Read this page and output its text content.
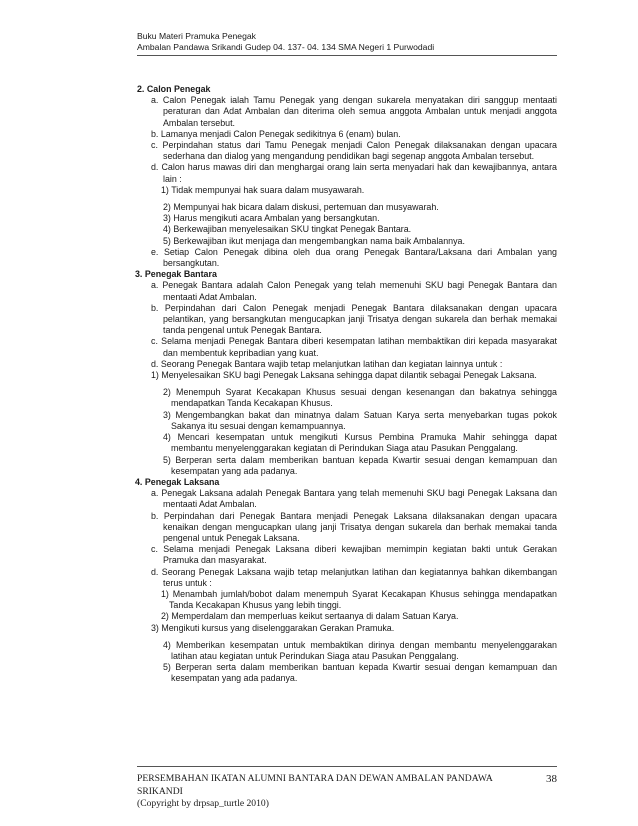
Buku Materi Pramuka Penegak
Ambalan Pandawa Srikandi Gudep 04. 137- 04. 134 SMA Negeri 1 Purwodadi

2. Calon Penegak

a. Calon Penegak ialah Tamu Penegak yang dengan sukarela menyatakan diri sanggup mentaati peraturan dan Adat Ambalan dan diterima oleh semua anggota Ambalan untuk menjadi anggota Ambalan tersebut.

b. Lamanya menjadi Calon Penegak sedikitnya 6 (enam) bulan.

c. Perpindahan status dari Tamu Penegak menjadi Calon Penegak dilaksanakan dengan upacara sederhana dan dialog yang mengandung pendidikan bagi segenap anggota Ambalan tersebut.

d. Calon harus mawas diri dan menghargai orang lain serta menyadari hak dan kewajibannya, antara lain :

1) Tidak mempunyai hak suara dalam musyawarah.

2) Mempunyai hak bicara dalam diskusi, pertemuan dan musyawarah.

3) Harus mengikuti acara Ambalan yang bersangkutan.

4) Berkewajiban menyelesaikan SKU tingkat Penegak Bantara.

5) Berkewajiban ikut menjaga dan mengembangkan nama baik Ambalannya.

e. Setiap Calon Penegak dibina oleh dua orang Penegak Bantara/Laksana dari Ambalan yang bersangkutan.

3. Penegak Bantara

a. Penegak Bantara adalah Calon Penegak yang telah memenuhi SKU bagi Penegak Bantara dan mentaati Adat Ambalan.

b. Perpindahan dari Calon Penegak menjadi Penegak Bantara dilaksanakan dengan upacara pelantikan, yang bersangkutan mengucapkan janji Trisatya dengan sukarela dan berhak memakai tanda pengenal untuk Penegak Bantara.

c. Selama menjadi Penegak Bantara diberi kesempatan latihan membaktikan diri kepada masyarakat dan membentuk kepribadian yang kuat.

d. Seorang Penegak Bantara wajib tetap melanjutkan latihan dan kegiatan lainnya untuk :

1) Menyelesaikan SKU bagi Penegak Laksana sehingga dapat dilantik sebagai Penegak Laksana.

2) Menempuh Syarat Kecakapan Khusus sesuai dengan kesenangan dan bakatnya sehingga mendapatkan Tanda Kecakapan Khusus.

3) Mengembangkan bakat dan minatnya dalam Satuan Karya serta menyebarkan tugas pokok Sakanya itu sesuai dengan kemampuannya.

4) Mencari kesempatan untuk mengikuti Kursus Pembina Pramuka Mahir sehingga dapat membantu menyelenggarakan kegiatan di Perindukan Siaga atau Pasukan Penggalang.

5) Berperan serta dalam memberikan bantuan kepada Kwartir sesuai dengan kemampuan dan kesempatan yang ada padanya.

4. Penegak Laksana

a. Penegak Laksana adalah Penegak Bantara yang telah memenuhi SKU bagi Penegak Laksana dan mentaati Adat Ambalan.

b. Perpindahan dari Penegak Bantara menjadi Penegak Laksana dilaksanakan dengan upacara kenaikan dengan mengucapkan ulang janji Trisatya dengan sukarela dan berhak memakai tanda pengenal untuk Penegak Laksana.

c. Selama menjadi Penegak Laksana diberi kewajiban memimpin kegiatan bakti untuk Gerakan Pramuka dan masyarakat.

d. Seorang Penegak Laksana wajib tetap melanjutkan latihan dan kegiatannya bahkan dikembangan terus untuk :

1) Menambah jumlah/bobot dalam menempuh Syarat Kecakapan Khusus sehingga mendapatkan Tanda Kecakapan Khusus yang lebih tinggi.

2) Memperdalam dan memperluas keikut sertaanya di dalam Satuan Karya.

3) Mengikuti kursus yang diselenggarakan Gerakan Pramuka.

4) Memberikan kesempatan untuk membaktikan dirinya dengan membantu menyelenggarakan latihan atau kegiatan untuk Perindukan Siaga atau Pasukan Penggalang.

5) Berperan serta dalam memberikan bantuan kepada Kwartir sesuai dengan kemampuan dan kesempatan yang ada padanya.

PERSEMBAHAN IKATAN ALUMNI BANTARA DAN DEWAN AMBALAN PANDAWA SRIKANDI
38
(Copyright by drpsap_turtle 2010)
